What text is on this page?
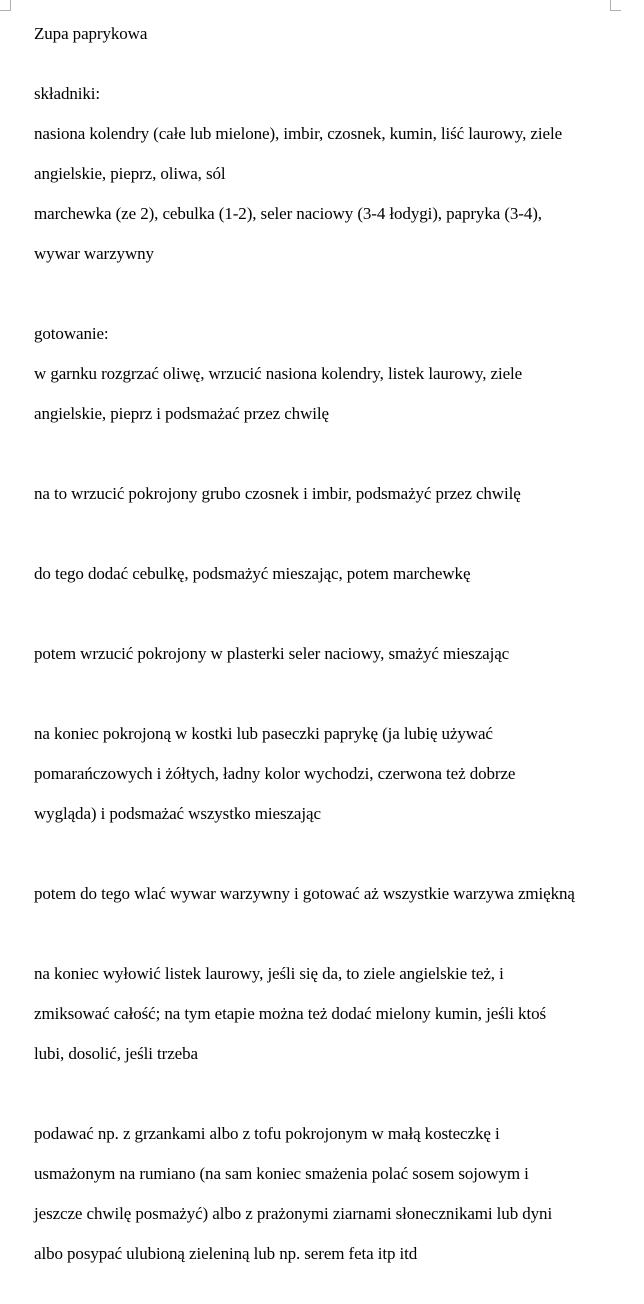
Zupa paprykowa

składniki:

nasiona kolendry (całe lub mielone), imbir, czosnek, kumin, liść laurowy, ziele

angielskie, pieprz, oliwa, sól

marchewka (ze 2), cebulka (1-2), seler naciowy (3-4 łodygi), papryka (3-4),

wywar warzywny

gotowanie:

w garnku rozgrzać oliwę, wrzucić nasiona kolendry, listek laurowy, ziele

angielskie, pieprz i podsmażać przez chwilę

na to wrzucić pokrojony grubo czosnek i imbir, podsmażyć przez chwilę

do tego dodać cebulkę, podsmażyć mieszając, potem marchewkę

potem wrzucić pokrojony w plasterki seler naciowy, smażyć mieszając

na koniec pokrojoną w kostki lub paseczki paprykę (ja lubię używać

pomarańczowych i żółtych, ładny kolor wychodzi, czerwona też dobrze

wygląda) i podsmażać wszystko mieszając

potem do tego wlać wywar warzywny i gotować aż wszystkie warzywa zmiękną

na koniec wyłowić listek laurowy, jeśli się da, to ziele angielskie też, i

zmiksować całość; na tym etapie można też dodać mielony kumin, jeśli ktoś

lubi, dosolić, jeśli trzeba

podawać np. z grzankami albo z tofu pokrojonym w małą kosteczkę i

usmażonym na rumiano (na sam koniec smażenia polać sosem sojowym i

jeszcze chwilę posmażyć) albo z prażonymi ziarnami słonecznikami lub dyni

albo posypać ulubioną zieleniną lub np. serem feta itp itd
